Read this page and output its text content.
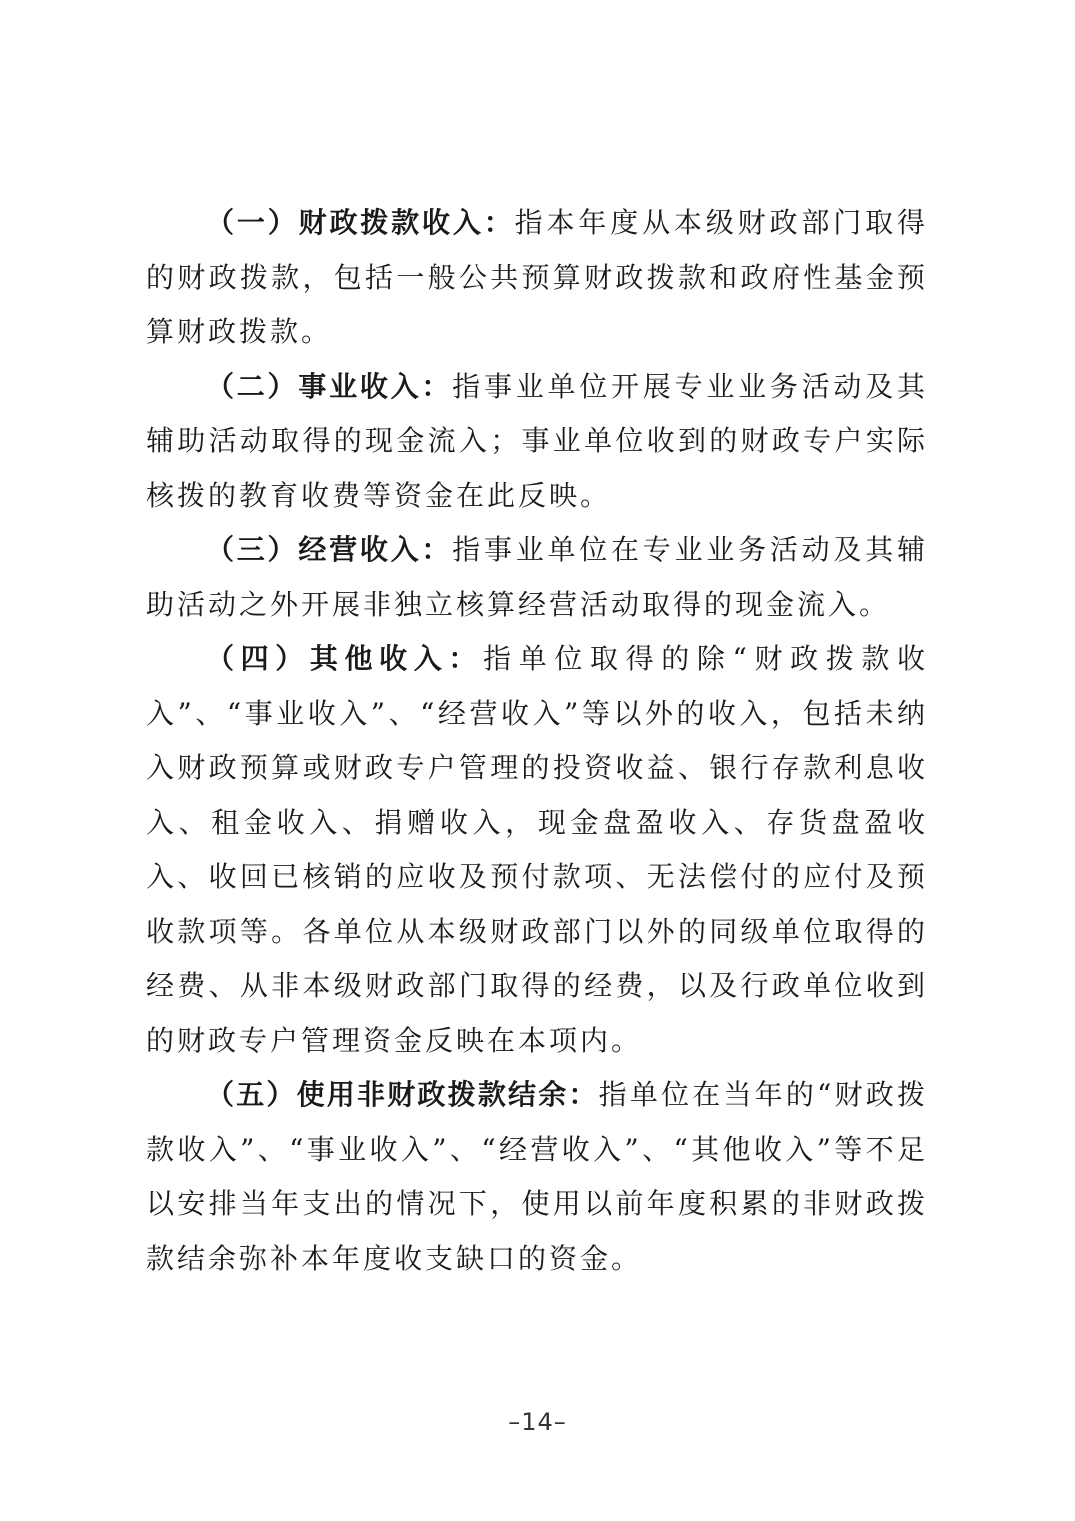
（一）财政拨款收入：指本年度从本级财政部门取得的财政拨款，包括一般公共预算财政拨款和政府性基金预算财政拨款。

（二）事业收入：指事业单位开展专业业务活动及其辅助活动取得的现金流入；事业单位收到的财政专户实际核拨的教育收费等资金在此反映。

（三）经营收入：指事业单位在专业业务活动及其辅助活动之外开展非独立核算经营活动取得的现金流入。

（四）其他收入：指单位取得的除“财政拨款收入”、“事业收入”、“经营收入”等以外的收入，包括未纳入财政预算或财政专户管理的投资收益、银行存款利息收入、租金收入、捐赠收入，现金盘盈收入、存货盘盈收入、收回已核销的应收及预付款项、无法偿付的应付及预收款项等。各单位从本级财政部门以外的同级单位取得的经费、从非本级财政部门取得的经费，以及行政单位收到的财政专户管理资金反映在本项内。

（五）使用非财政拨款结余：指单位在当年的“财政拨款收入”、“事业收入”、“经营收入”、“其他收入”等不足以安排当年支出的情况下，使用以前年度积累的非财政拨款结余弥补本年度收支缺口的资金。

–14–
